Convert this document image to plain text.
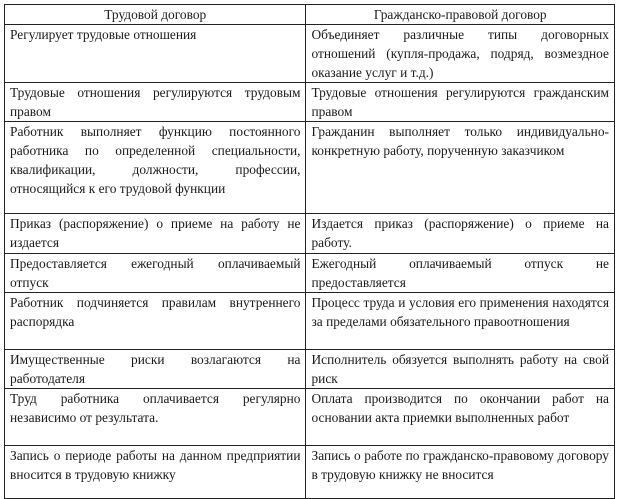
Трудовой договор	Гражданско-правовой договор
Регулирует трудовые отношения	Объединяет различные типы договорных отношений (купля-продажа, подряд, возмездное оказание услуг и т.д.)
Трудовые отношения регулируются трудовым правом	Трудовые отношения регулируются гражданским правом
Работник выполняет функцию постоянного работника по определенной специальности, квалификации, должности, профессии, относящийся к его трудовой функции	Гражданин выполняет только индивидуально-конкретную работу, порученную заказчиком
Приказ (распоряжение) о приеме на работу не издается	Издается приказ (распоряжение) о приеме на работу.
Предоставляется ежегодный оплачиваемый отпуск	Ежегодный оплачиваемый отпуск не предоставляется
Работник подчиняется правилам внутреннего распорядка	Процесс труда и условия его применения находятся за пределами обязательного правоотношения
Имущественные риски возлагаются на работодателя	Исполнитель обязуется выполнять работу на свой риск
Труд работника оплачивается регулярно независимо от результата.	Оплата производится по окончании работ на основании акта приемки выполненных работ
Запись о периоде работы на данном предприятии вносится в трудовую книжку	Запись о работе по гражданско-правовому договору в трудовую книжку не вносится
